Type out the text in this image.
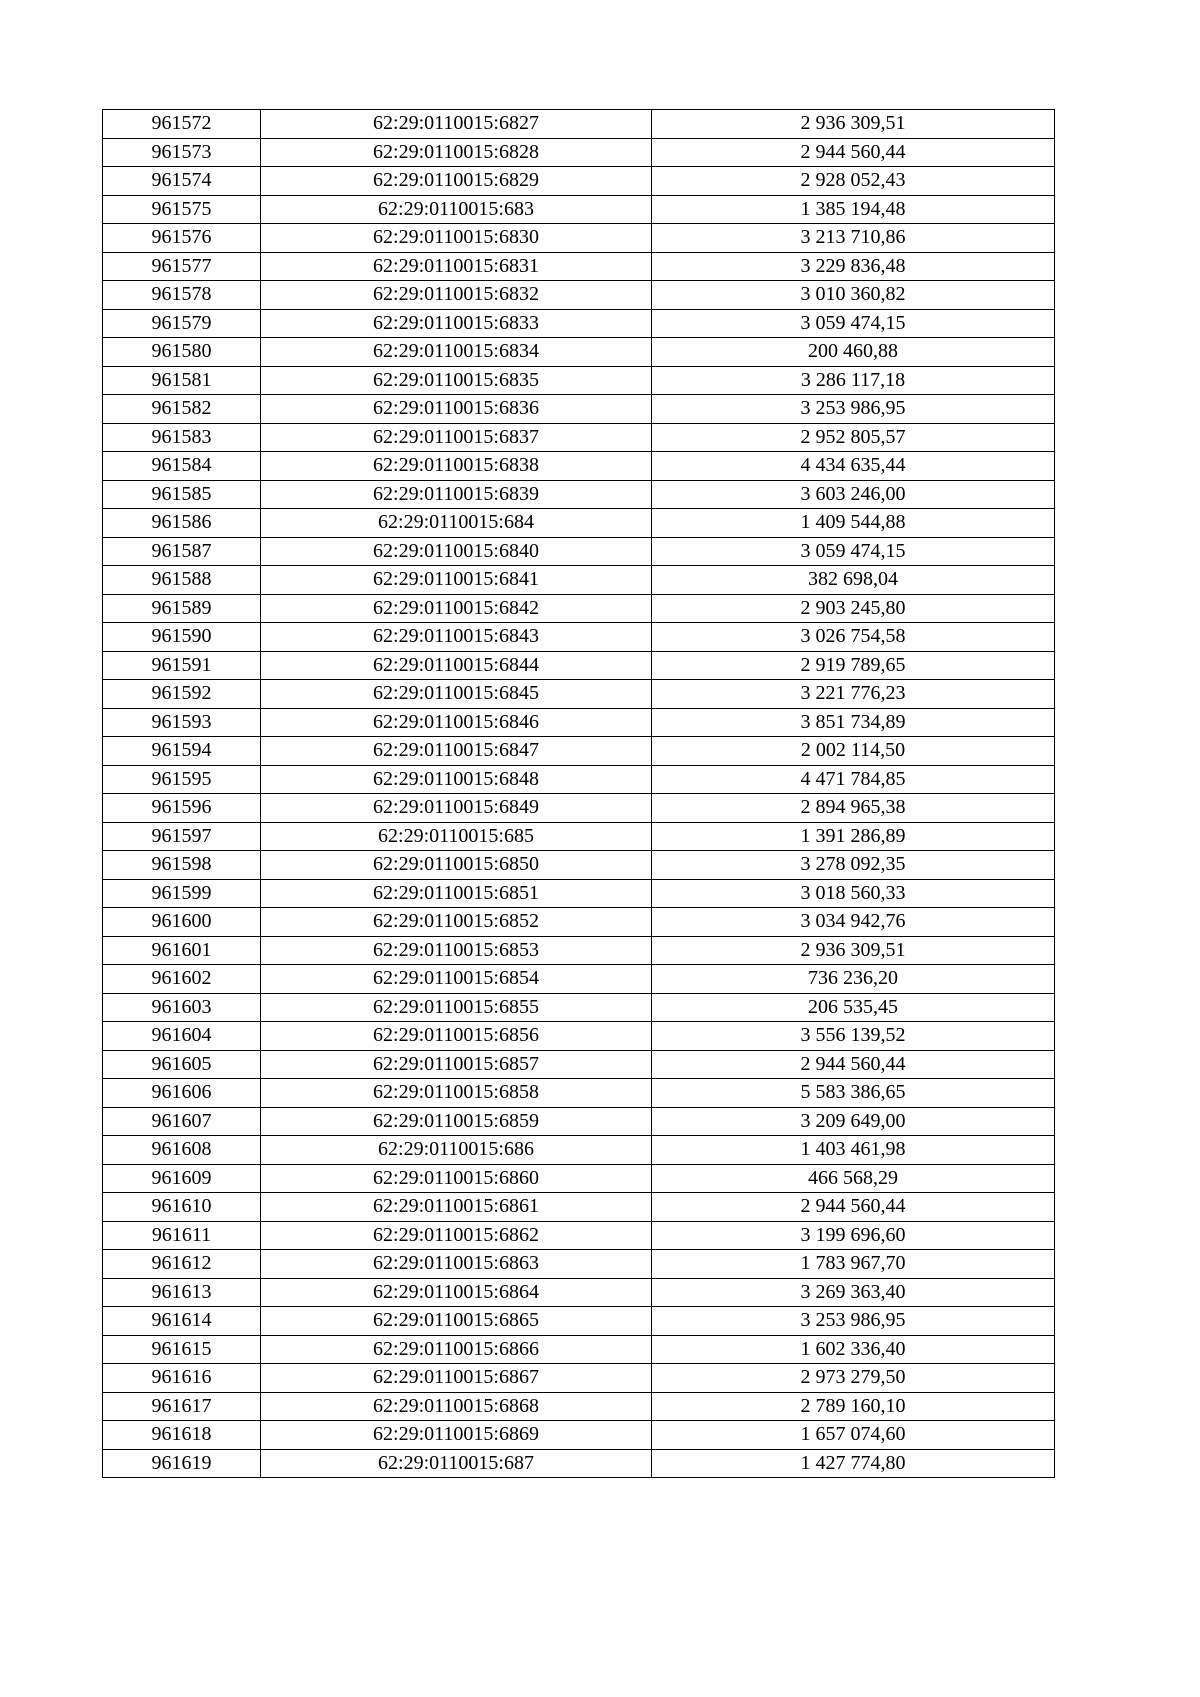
961572	62:29:0110015:6827	2 936 309,51
961573	62:29:0110015:6828	2 944 560,44
961574	62:29:0110015:6829	2 928 052,43
961575	62:29:0110015:683	1 385 194,48
961576	62:29:0110015:6830	3 213 710,86
961577	62:29:0110015:6831	3 229 836,48
961578	62:29:0110015:6832	3 010 360,82
961579	62:29:0110015:6833	3 059 474,15
961580	62:29:0110015:6834	200 460,88
961581	62:29:0110015:6835	3 286 117,18
961582	62:29:0110015:6836	3 253 986,95
961583	62:29:0110015:6837	2 952 805,57
961584	62:29:0110015:6838	4 434 635,44
961585	62:29:0110015:6839	3 603 246,00
961586	62:29:0110015:684	1 409 544,88
961587	62:29:0110015:6840	3 059 474,15
961588	62:29:0110015:6841	382 698,04
961589	62:29:0110015:6842	2 903 245,80
961590	62:29:0110015:6843	3 026 754,58
961591	62:29:0110015:6844	2 919 789,65
961592	62:29:0110015:6845	3 221 776,23
961593	62:29:0110015:6846	3 851 734,89
961594	62:29:0110015:6847	2 002 114,50
961595	62:29:0110015:6848	4 471 784,85
961596	62:29:0110015:6849	2 894 965,38
961597	62:29:0110015:685	1 391 286,89
961598	62:29:0110015:6850	3 278 092,35
961599	62:29:0110015:6851	3 018 560,33
961600	62:29:0110015:6852	3 034 942,76
961601	62:29:0110015:6853	2 936 309,51
961602	62:29:0110015:6854	736 236,20
961603	62:29:0110015:6855	206 535,45
961604	62:29:0110015:6856	3 556 139,52
961605	62:29:0110015:6857	2 944 560,44
961606	62:29:0110015:6858	5 583 386,65
961607	62:29:0110015:6859	3 209 649,00
961608	62:29:0110015:686	1 403 461,98
961609	62:29:0110015:6860	466 568,29
961610	62:29:0110015:6861	2 944 560,44
961611	62:29:0110015:6862	3 199 696,60
961612	62:29:0110015:6863	1 783 967,70
961613	62:29:0110015:6864	3 269 363,40
961614	62:29:0110015:6865	3 253 986,95
961615	62:29:0110015:6866	1 602 336,40
961616	62:29:0110015:6867	2 973 279,50
961617	62:29:0110015:6868	2 789 160,10
961618	62:29:0110015:6869	1 657 074,60
961619	62:29:0110015:687	1 427 774,80
